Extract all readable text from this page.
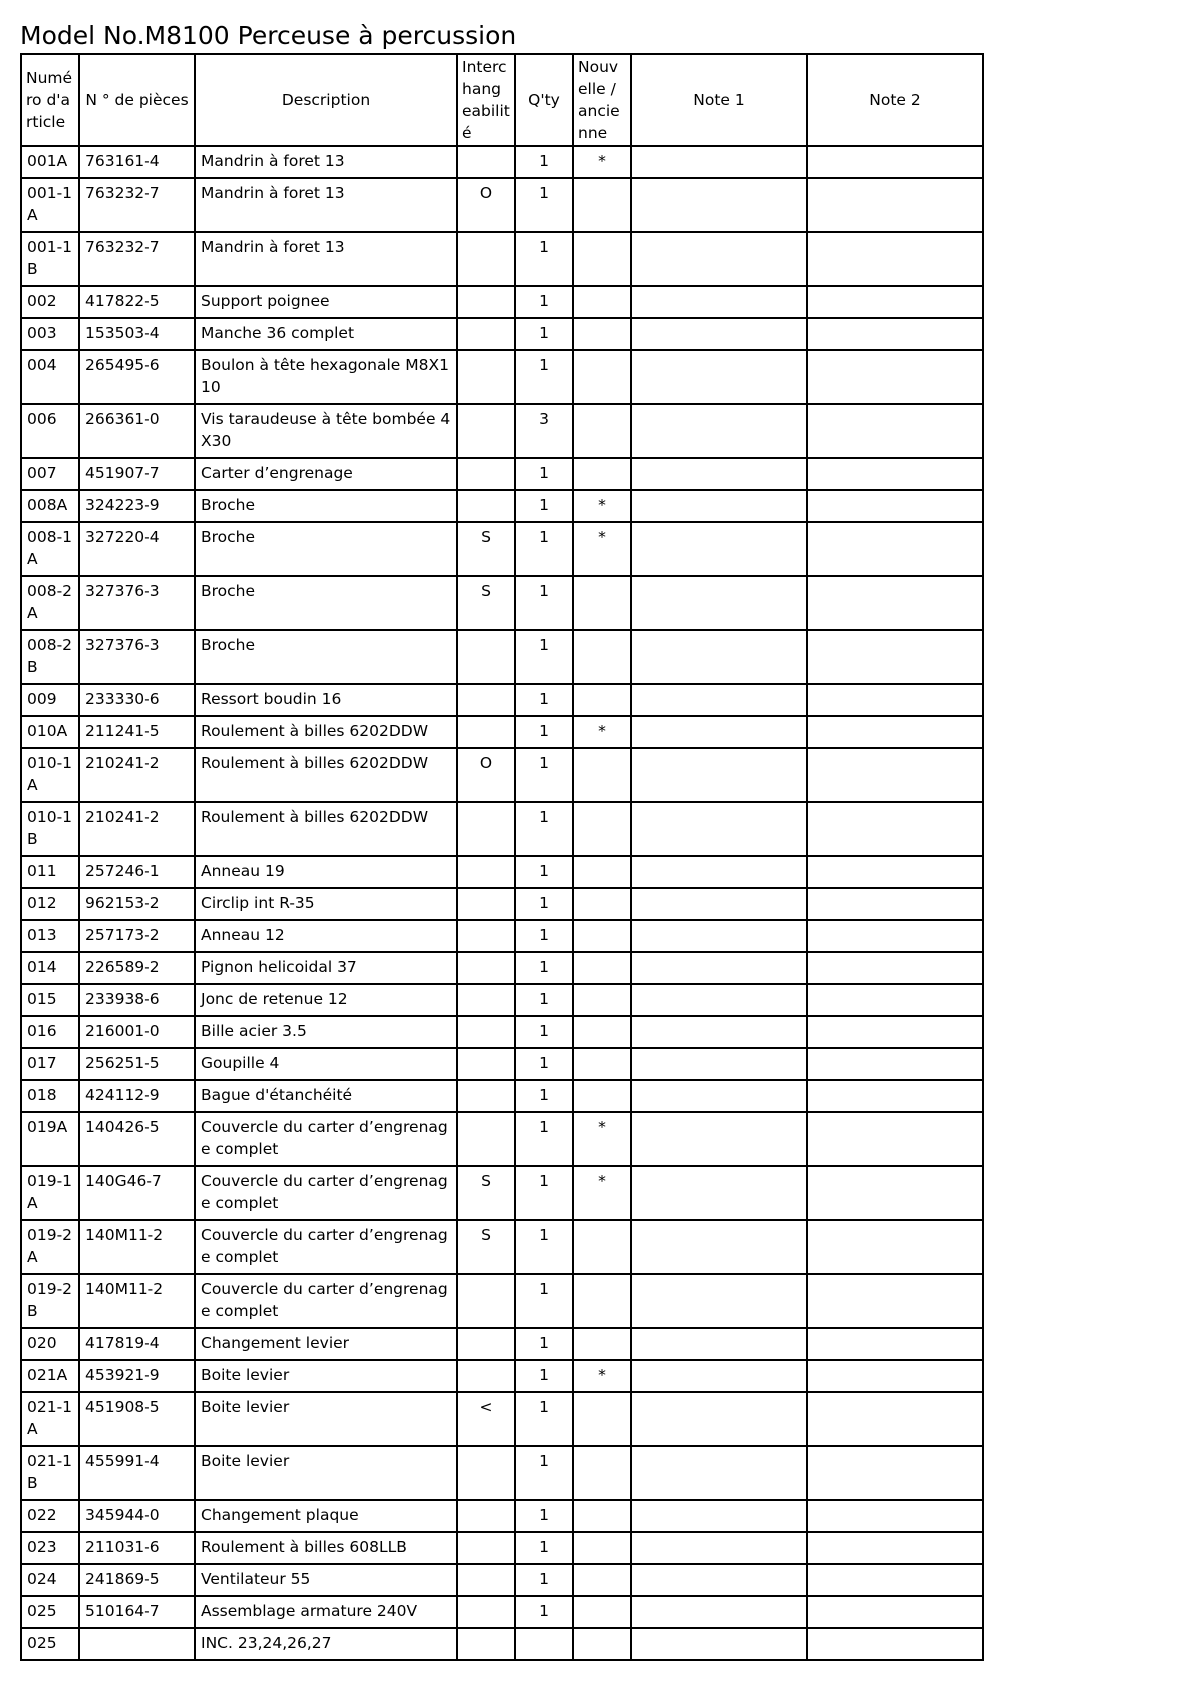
Model No.M8100 Perceuse à percussion
Numéro d'article	N ° de pièces	Description	Interchangeabilité	Q'ty	Nouvelle / ancienne	Note 1	Note 2
001A	763161-4	Mandrin à foret 13		1	*		
001-1A	763232-7	Mandrin à foret 13	O	1			
001-1B	763232-7	Mandrin à foret 13		1			
002	417822-5	Support poignee		1			
003	153503-4	Manche 36 complet		1			
004	265495-6	Boulon à tête hexagonale M8X110		1			
006	266361-0	Vis taraudeuse à tête bombée 4X30		3			
007	451907-7	Carter d’engrenage		1			
008A	324223-9	Broche		1	*		
008-1A	327220-4	Broche	S	1	*		
008-2A	327376-3	Broche	S	1			
008-2B	327376-3	Broche		1			
009	233330-6	Ressort boudin 16		1			
010A	211241-5	Roulement à billes 6202DDW		1	*		
010-1A	210241-2	Roulement à billes 6202DDW	O	1			
010-1B	210241-2	Roulement à billes 6202DDW		1			
011	257246-1	Anneau 19		1			
012	962153-2	Circlip int R-35		1			
013	257173-2	Anneau 12		1			
014	226589-2	Pignon helicoidal 37		1			
015	233938-6	Jonc de retenue 12		1			
016	216001-0	Bille acier 3.5		1			
017	256251-5	Goupille 4		1			
018	424112-9	Bague d'étanchéité		1			
019A	140426-5	Couvercle du carter d’engrenage complet		1	*		
019-1A	140G46-7	Couvercle du carter d’engrenage complet	S	1	*		
019-2A	140M11-2	Couvercle du carter d’engrenage complet	S	1			
019-2B	140M11-2	Couvercle du carter d’engrenage complet		1			
020	417819-4	Changement levier		1			
021A	453921-9	Boite levier		1	*		
021-1A	451908-5	Boite levier	<	1			
021-1B	455991-4	Boite levier		1			
022	345944-0	Changement plaque		1			
023	211031-6	Roulement à billes 608LLB		1			
024	241869-5	Ventilateur 55		1			
025	510164-7	Assemblage armature 240V		1			
025		INC. 23,24,26,27					
